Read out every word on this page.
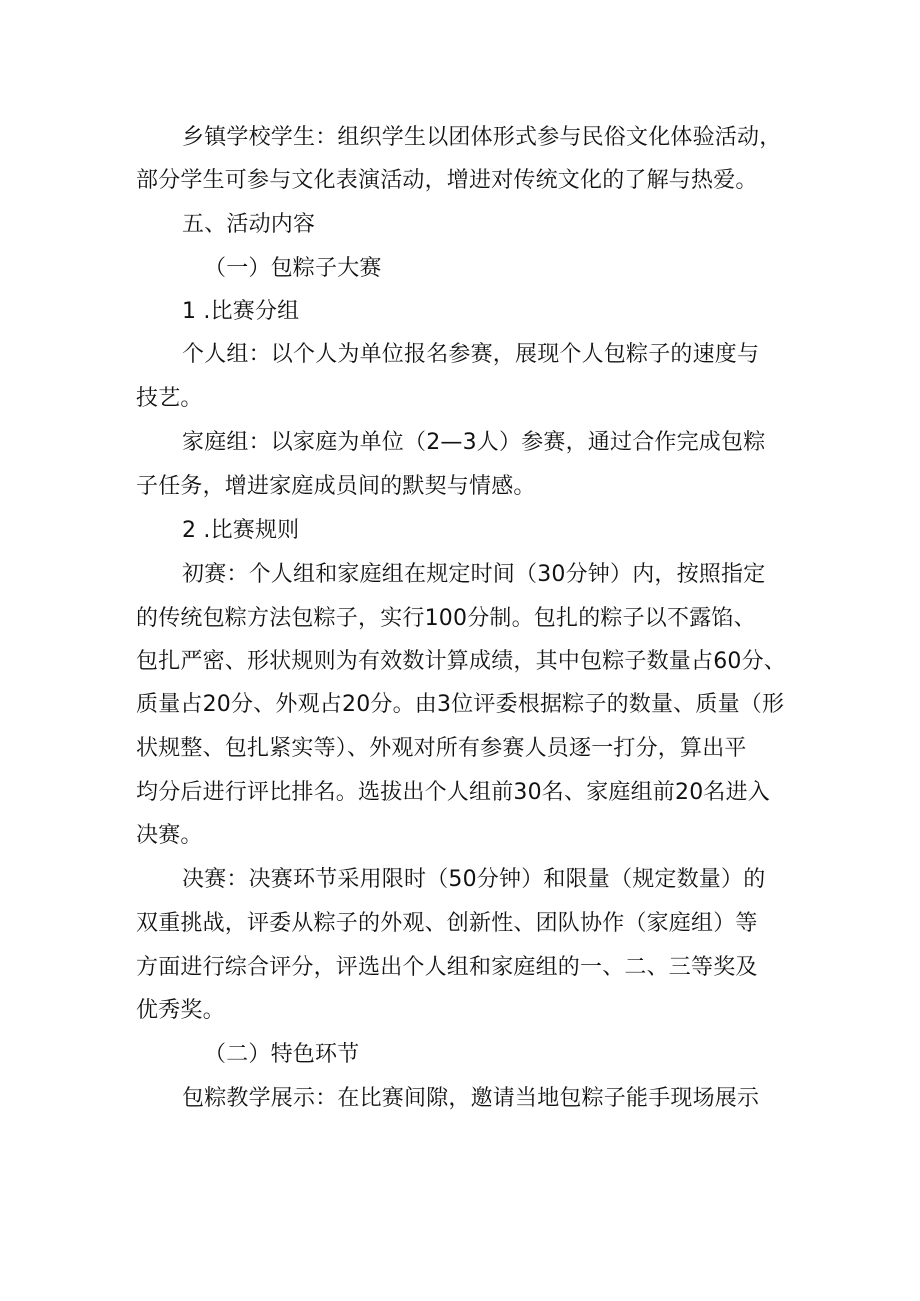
乡镇学校学生：组织学生以团体形式参与民俗文化体验活动，

部分学生可参与文化表演活动，增进对传统文化的了解与热爱。

五、活动内容

（一）包粽子大赛

1 .比赛分组

个人组：以个人为单位报名参赛，展现个人包粽子的速度与

技艺。

家庭组：以家庭为单位（2—3人）参赛，通过合作完成包粽

子任务，增进家庭成员间的默契与情感。

2 .比赛规则

初赛：个人组和家庭组在规定时间（30分钟）内，按照指定

的传统包粽方法包粽子，实行100分制。包扎的粽子以不露馅、

包扎严密、形状规则为有效数计算成绩，其中包粽子数量占60分、

质量占20分、外观占20分。由3位评委根据粽子的数量、质量（形

状规整、包扎紧实等）、外观对所有参赛人员逐一打分，算出平

均分后进行评比排名。选拔出个人组前30名、家庭组前20名进入

决赛。

决赛：决赛环节采用限时（50分钟）和限量（规定数量）的

双重挑战，评委从粽子的外观、创新性、团队协作（家庭组）等

方面进行综合评分，评选出个人组和家庭组的一、二、三等奖及

优秀奖。

（二）特色环节

包粽教学展示：在比赛间隙，邀请当地包粽子能手现场展示
